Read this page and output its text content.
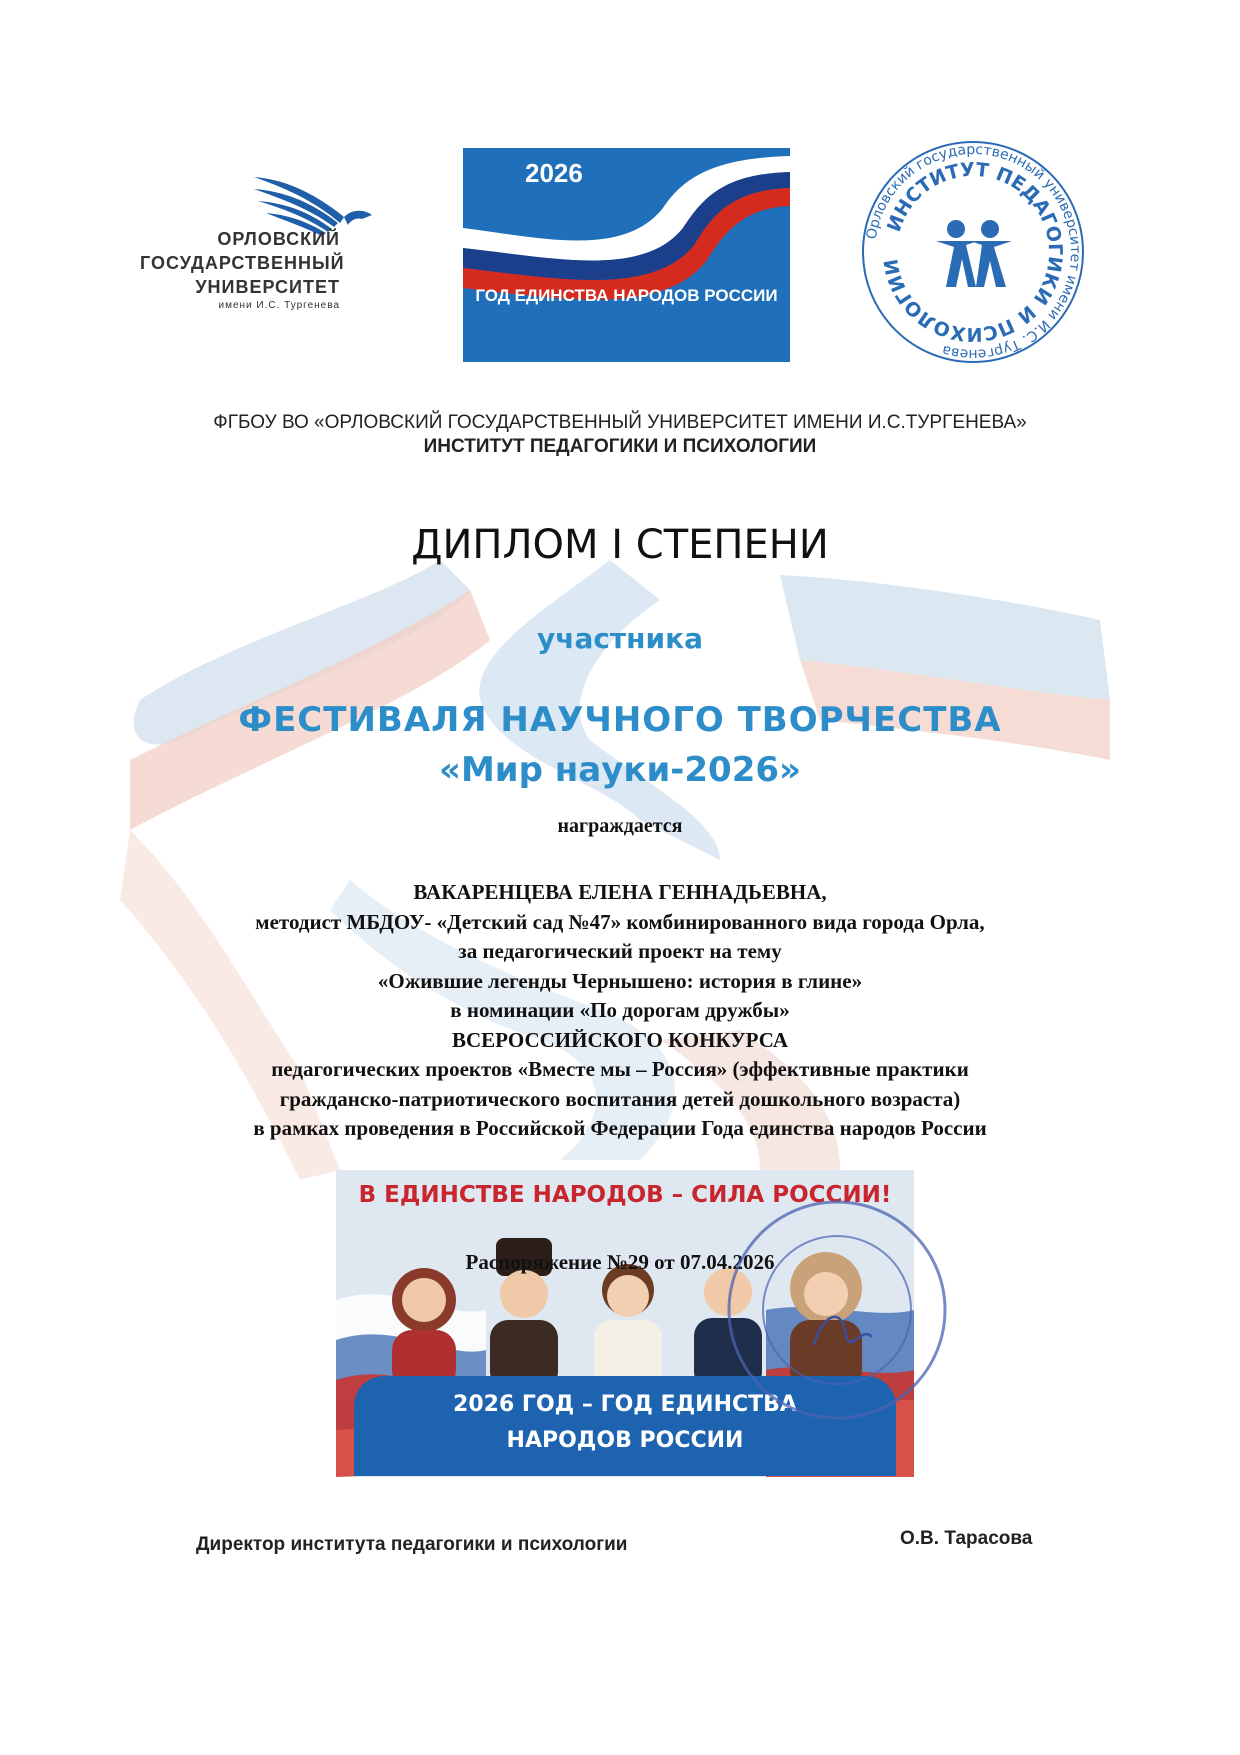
ОРЛОВСКИЙ
ГОСУДАРСТВЕННЫЙ
УНИВЕРСИТЕТ
имени И.С. Тургенева
2026
ГОД ЕДИНСТВА НАРОДОВ РОССИИ
Орловский государственный университет имени И.С. Тургенева
ИНСТИТУТ ПЕДАГОГИКИ И ПСИХОЛОГИИ
ФГБОУ ВО «ОРЛОВСКИЙ ГОСУДАРСТВЕННЫЙ УНИВЕРСИТЕТ ИМЕНИ И.С.ТУРГЕНЕВА»
ИНСТИТУТ ПЕДАГОГИКИ И ПСИХОЛОГИИ
ДИПЛОМ I СТЕПЕНИ
участника
ФЕСТИВАЛЯ НАУЧНОГО ТВОРЧЕСТВА
«Мир науки-2026»
награждается
ВАКАРЕНЦЕВА ЕЛЕНА ГЕННАДЬЕВНА,
методист МБДОУ- «Детский сад №47» комбинированного вида города Орла,
за педагогический проект на тему
«Ожившие легенды Чернышено: история в глине»
в номинации «По дорогам дружбы»
ВСЕРОССИЙСКОГО КОНКУРСА
педагогических проектов «Вместе мы – Россия» (эффективные практики
гражданско-патриотического воспитания детей дошкольного возраста)
в рамках проведения в Российской Федерации Года единства народов России
В ЕДИНСТВЕ НАРОДОВ – СИЛА РОССИИ!
2026 ГОД – ГОД ЕДИНСТВА
НАРОДОВ РОССИИ
Распоряжение №29 от 07.04.2026
Директор института педагогики и психологии	О.В. Тарасова
